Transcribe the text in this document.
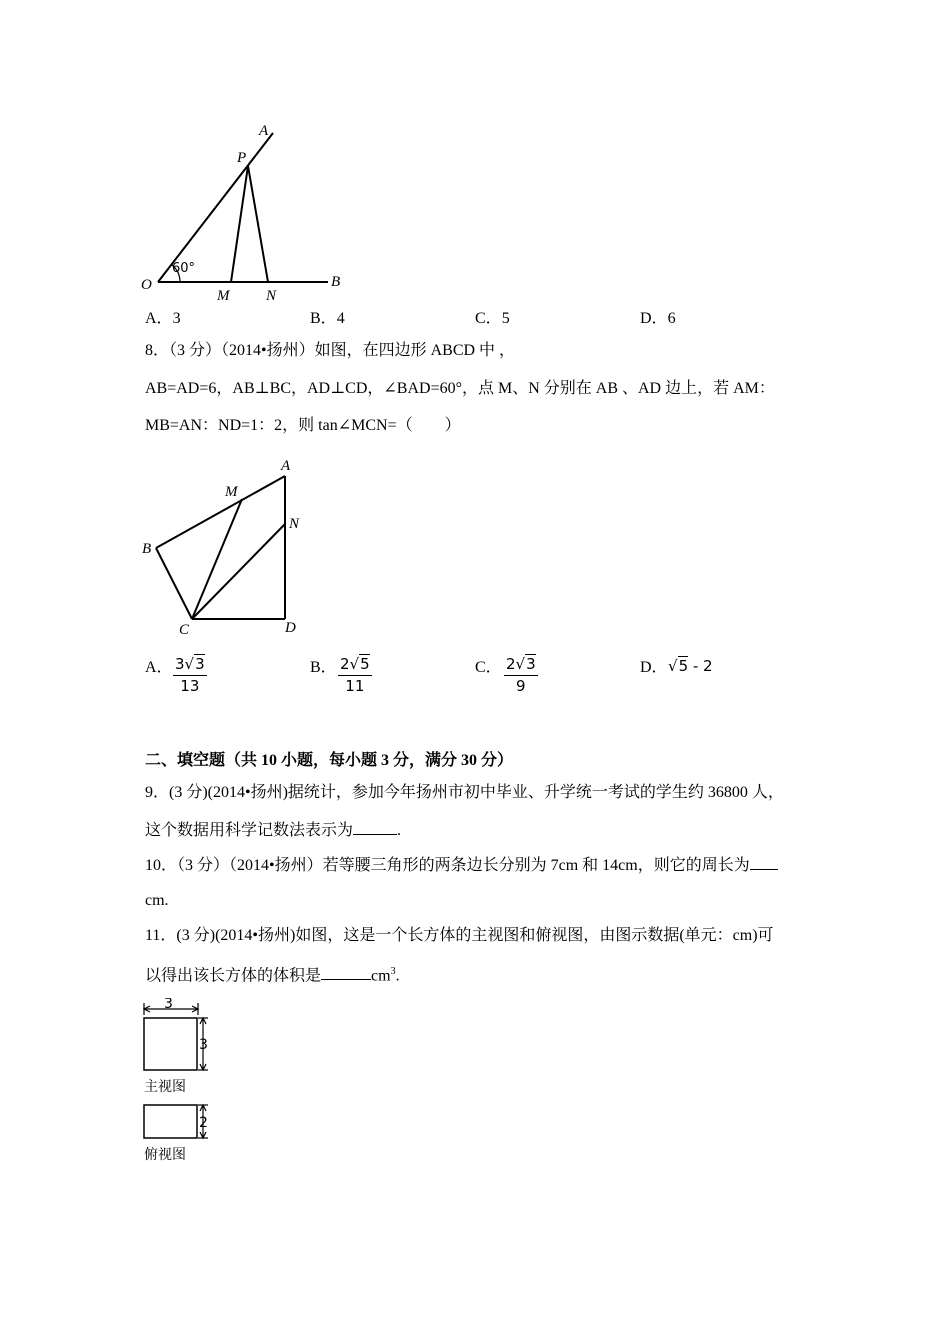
A
P
O
M N
B
60°
A．3	B．4	C．5	D．6
8．（3 分）（2014•扬州）如图，在四边形 ABCD 中 ，
AB=AD=6，AB⊥BC，AD⊥CD，∠BAD=60°，点 M、N 分别在 AB 、AD 边上，若 AM：
MB=AN：ND=1：2，则 tan∠MCN=（　　）
A
M
N
B
C	D
A． 3√3
13
B． 2√5
11
C． 2√3
9
D． √5 - 2
二、填空题（共 10 小题，每小题 3 分，满分 30 分）
9．(3 分)(2014•扬州)据统计，参加今年扬州市初中毕业、升学统一考试的学生约 36800 人，
这个数据用科学记数法表示为	.
10．（3 分）（2014•扬州）若等腰三角形的两条边长分别为 7cm 和 14cm，则它的周长为
cm.
11．(3 分)(2014•扬州)如图，这是一个长方体的主视图和俯视图，由图示数据(单元：cm)可
以得出该长方体的体积是	$cm^3$.
3
3
2
主视图
俯视图
